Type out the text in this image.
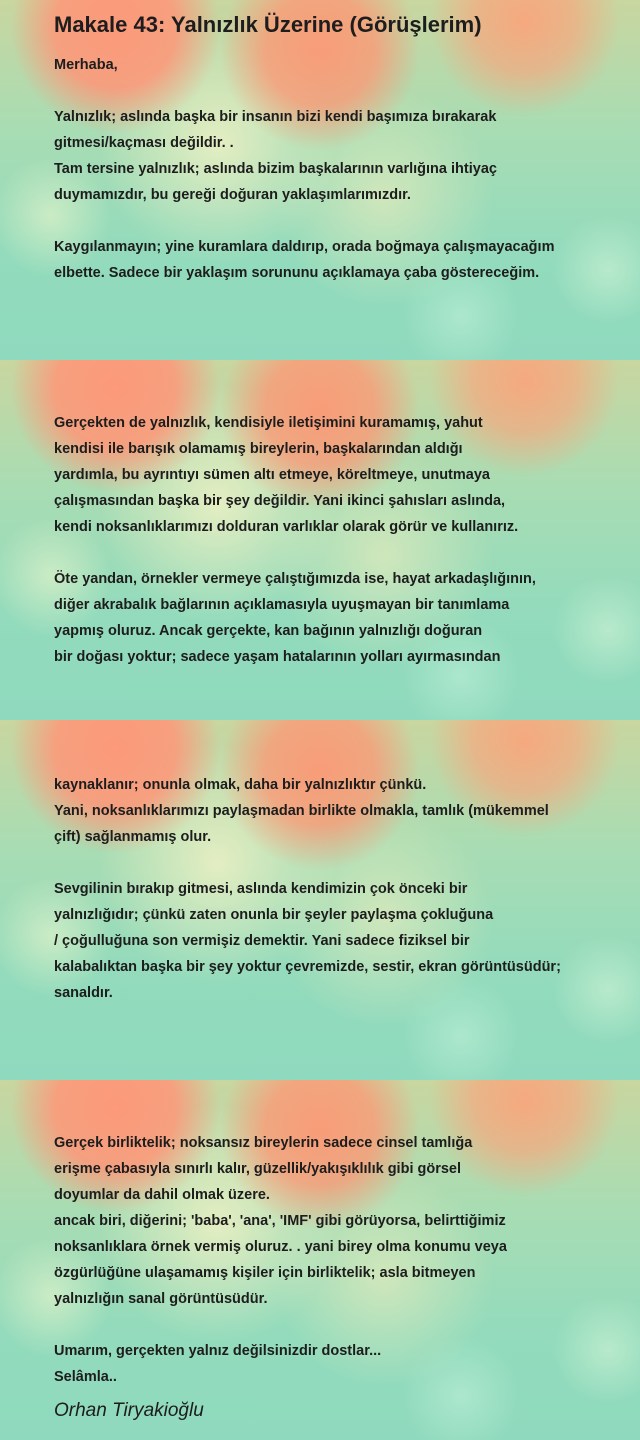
Makale 43: Yalnızlık Üzerine (Görüşlerim)
Merhaba,
Yalnızlık; aslında başka bir insanın bizi kendi başımıza bırakarak
gitmesi/kaçması değildir. .
Tam tersine yalnızlık; aslında bizim başkalarının varlığına ihtiyaç
duymamızdır, bu gereği doğuran yaklaşımlarımızdır.
Kaygılanmayın; yine kuramlara daldırıp, orada boğmaya çalışmayacağım
elbette. Sadece bir yaklaşım sorununu açıklamaya çaba göstereceğim.
Gerçekten de yalnızlık, kendisiyle iletişimini kuramamış, yahut
kendisi ile barışık olamamış bireylerin, başkalarından aldığı
yardımla, bu ayrıntıyı sümen altı etmeye, köreltmeye, unutmaya
çalışmasından başka bir şey değildir. Yani ikinci şahısları aslında,
kendi noksanlıklarımızı dolduran varlıklar olarak görür ve kullanırız.
Öte yandan, örnekler vermeye çalıştığımızda ise, hayat arkadaşlığının,
diğer akrabalık bağlarının açıklamasıyla uyuşmayan bir tanımlama
yapmış oluruz. Ancak gerçekte, kan bağının yalnızlığı doğuran
bir doğası yoktur; sadece yaşam hatalarının yolları ayırmasından
kaynaklanır; onunla olmak, daha bir yalnızlıktır çünkü.
Yani, noksanlıklarımızı paylaşmadan birlikte olmakla, tamlık (mükemmel
çift) sağlanmamış olur.
Sevgilinin bırakıp gitmesi, aslında kendimizin çok önceki bir
yalnızlığıdır; çünkü zaten onunla bir şeyler paylaşma çokluğuna
/ çoğulluğuna son vermişiz demektir. Yani sadece fiziksel bir
kalabalıktan başka bir şey yoktur çevremizde, sestir, ekran görüntüsüdür;
sanaldır.
Gerçek birliktelik; noksansız bireylerin sadece cinsel tamlığa
erişme çabasıyla sınırlı kalır, güzellik/yakışıklılık gibi görsel
doyumlar da dahil olmak üzere.
ancak biri, diğerini; 'baba', 'ana', 'IMF' gibi görüyorsa, belirttiğimiz
noksanlıklara örnek vermiş oluruz. . yani birey olma konumu veya
özgürlüğüne ulaşamamış kişiler için birliktelik; asla bitmeyen
yalnızlığın sanal görüntüsüdür.
Umarım, gerçekten yalnız değilsinizdir dostlar...
Selâmla..
Orhan Tiryakioğlu
